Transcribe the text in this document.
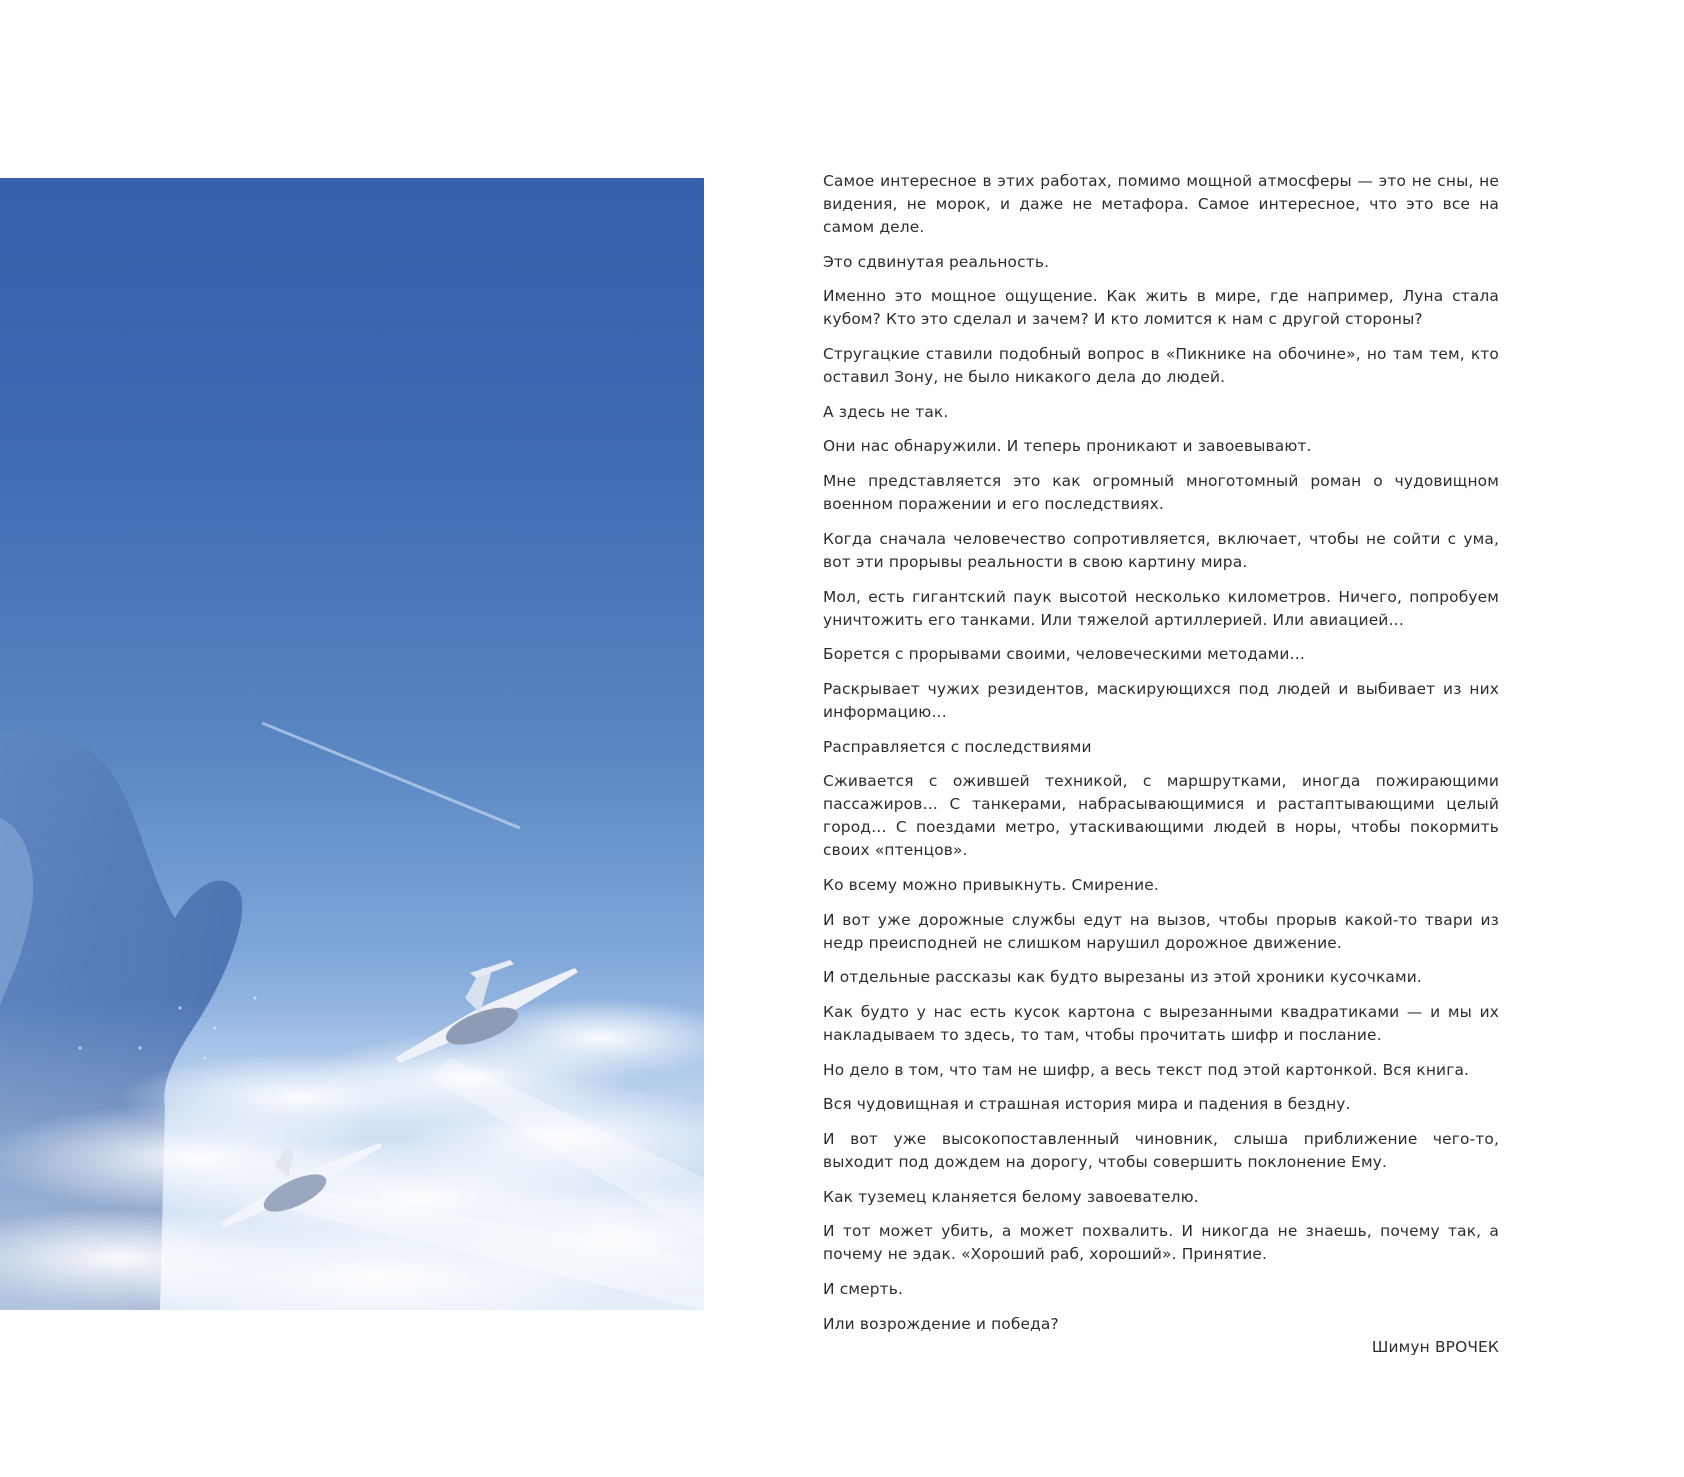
Самое интересное в этих работах, помимо мощной атмосферы — это не сны, не видения, не морок, и даже не метафора. Самое интересное, что это все на самом деле.

Это сдвинутая реальность.

Именно это мощное ощущение. Как жить в мире, где например, Луна стала кубом? Кто это сделал и зачем? И кто ломится к нам с другой стороны?

Стругацкие ставили подобный вопрос в «Пикнике на обочине», но там тем, кто оставил Зону, не было никакого дела до людей.

А здесь не так.

Они нас обнаружили. И теперь проникают и завоевывают.

Мне представляется это как огромный многотомный роман о чудовищном военном поражении и его последствиях.

Когда сначала человечество сопротивляется, включает, чтобы не сойти с ума, вот эти прорывы реальности в свою картину мира.

Мол, есть гигантский паук высотой несколько километров. Ничего, попробуем уничтожить его танками. Или тяжелой артиллерией. Или авиацией…

Борется с прорывами своими, человеческими методами…

Раскрывает чужих резидентов, маскирующихся под людей и выбивает из них информацию…

Расправляется с последствиями

Сживается с ожившей техникой, с маршрутками, иногда пожирающими пассажиров… С танкерами, набрасывающимися и растаптывающими целый город… С поездами метро, утаскивающими людей в норы, чтобы покормить своих «птенцов».

Ко всему можно привыкнуть. Смирение.

И вот уже дорожные службы едут на вызов, чтобы прорыв какой-то твари из недр преисподней не слишком нарушил дорожное движение.

И отдельные рассказы как будто вырезаны из этой хроники кусочками.

Как будто у нас есть кусок картона с вырезанными квадратиками — и мы их накладываем то здесь, то там, чтобы прочитать шифр и послание.

Но дело в том, что там не шифр, а весь текст под этой картонкой. Вся книга.

Вся чудовищная и страшная история мира и падения в бездну.

И вот уже высокопоставленный чиновник, слыша приближение чего-то, выходит под дождем на дорогу, чтобы совершить поклонение Ему.

Как туземец кланяется белому завоевателю.

И тот может убить, а может похвалить. И никогда не знаешь, почему так, а почему не эдак. «Хороший раб, хороший». Принятие.

И смерть.

Или возрождение и победа?

Шимун ВРОЧЕК
